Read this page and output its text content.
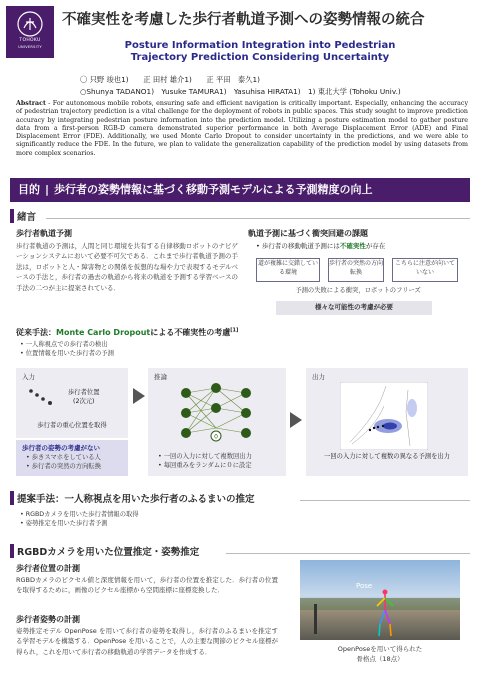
TOHOKU
UNIVERSITY
不確実性を考慮した歩行者軌道予測への姿勢情報の統合
Posture Information Integration into Pedestrian
Trajectory Prediction Considering Uncertainty
〇 只野 竣也1)　　正 田村 雄介1)　　正 平田　泰久1)
○Shunya TADANO1)　Yusuke TAMURA1)　Yasuhisa HIRATA1)　 1) 東北大学 (Tohoku Univ.)
Abstract - For autonomous mobile robots, ensuring safe and efficient navigation is critically important. Especially, enhancing the accuracy of pedestrian trajectory prediction is a vital challenge for the deployment of robots in public spaces. This study sought to improve prediction accuracy by integrating pedestrian posture information into the prediction model. Utilizing a posture estimation model to gather posture data from a first-person RGB-D camera demonstrated superior performance in both Average Displacement Error (ADE) and Final Displacement Error (FDE). Additionally, we used Monte Carlo Dropout to consider uncertainty in the predictions, and we were able to significantly reduce the FDE. In the future, we plan to validate the generalization capability of the prediction model by using datasets from more complex scenarios.
目的 | 歩行者の姿勢情報に基づく移動予測モデルによる予測精度の向上
緒言
歩行者軌道予測
歩行者軌道の予測は，人間と同じ環境を共有する自律移動ロボットのナビゲーションシステムにおいて必要不可欠である．これまで歩行者軌道予測の手法は，ロボットと人・障害物との関係を仮想的な場や力で表現するモデルベースの手法と，歩行者の過去の軌道から将来の軌道を予測する学習ベースの手法の二つが主に提案されている．
軌道予測に基づく衝突回避の課題
• 歩行者の移動軌道予測には不確実性が存在
道が複雑に交錯している環境
歩行者の突然の方向転換
こちらに注意が向いていない
予測の失敗による衝突，ロボットのフリーズ
様々な可能性の考慮が必要
従来手法：Monte Carlo Dropoutによる不確実性の考慮[1]
• 一人称視点での歩行者の検出
• 位置情報を用いた歩行者の予測
入力
歩行者位置
(2次元)
歩行者の重心位置を取得
歩行者の姿勢の考慮がない
• 歩きスマホをしている人
• 歩行者の突然の方向転換
推論
0
• 一回の入力に対して複数回出力
• 毎回重みをランダムに０に設定
出力
一回の入力に対して複数の異なる予測を出力
提案手法：一人称視点を用いた歩行者のふるまいの推定
• RGBDカメラを用いた歩行者情報の取得
• 姿勢推定を用いた歩行者予測
RGBDカメラを用いた位置推定・姿勢推定
歩行者位置の計測
RGBDカメラのピクセル値と深度情報を用いて，歩行者の位置を推定した．歩行者の位置を取得するために，画像のピクセル座標から空間座標に座標変換した．
歩行者姿勢の計測
姿勢推定モデル OpenPose を用いて歩行者の姿勢を取得し，歩行者のふるまいを推定する学習モデルを構築する．OpenPose を用いることで，人の主要な関節のピクセル座標が得られ，これを用いて歩行者の移動軌道の学習データを作成する．
Pose
OpenPoseを用いて得られた
骨格点（18点）
